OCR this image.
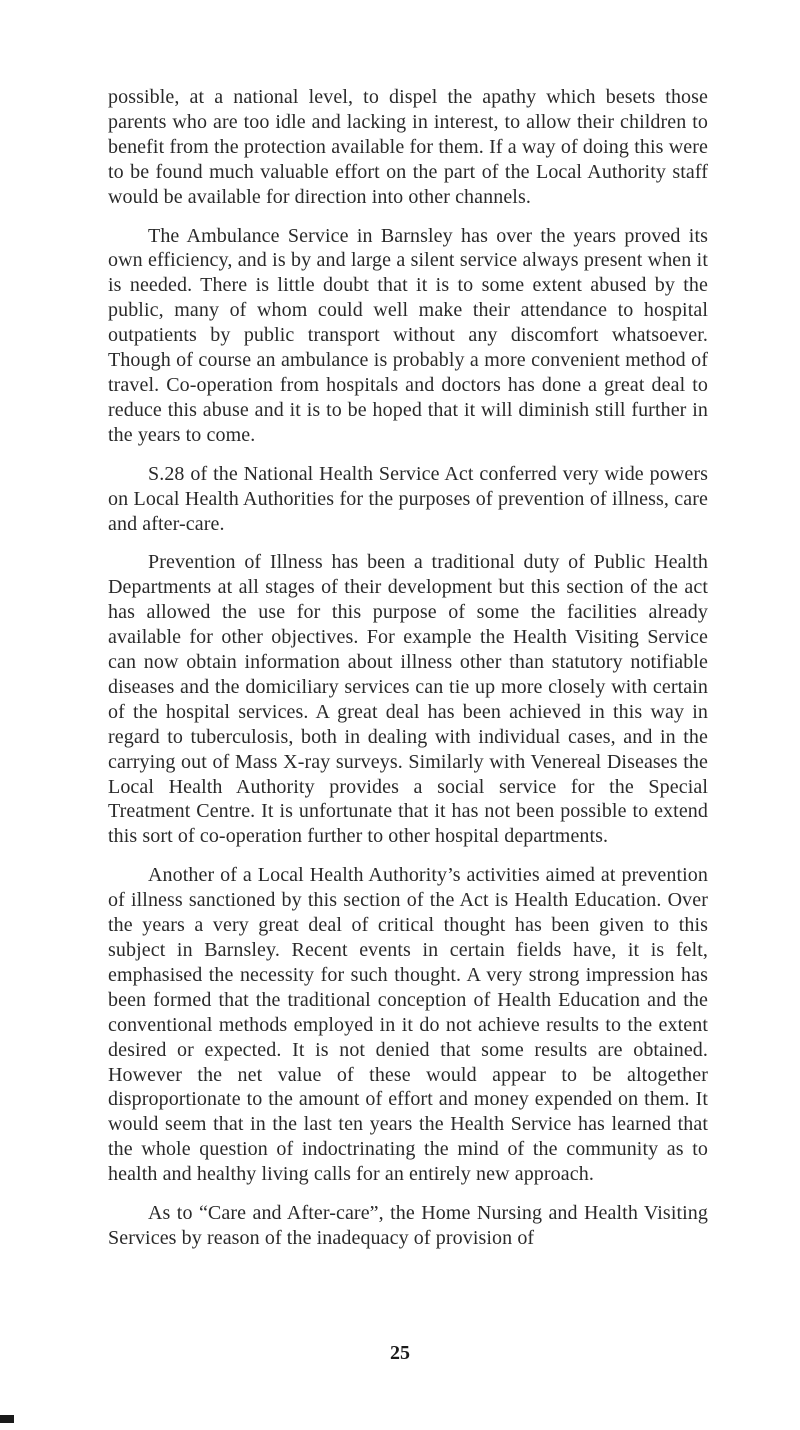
possible, at a national level, to dispel the apathy which besets those parents who are too idle and lacking in interest, to allow their children to benefit from the protection available for them. If a way of doing this were to be found much valuable effort on the part of the Local Authority staff would be available for direction into other channels.

The Ambulance Service in Barnsley has over the years proved its own efficiency, and is by and large a silent service always present when it is needed. There is little doubt that it is to some extent abused by the public, many of whom could well make their attendance to hospital outpatients by public transport without any discomfort whatsoever. Though of course an ambulance is probably a more convenient method of travel. Co-operation from hospitals and doctors has done a great deal to reduce this abuse and it is to be hoped that it will diminish still further in the years to come.

S.28 of the National Health Service Act conferred very wide powers on Local Health Authorities for the purposes of prevention of illness, care and after-care.

Prevention of Illness has been a traditional duty of Public Health Departments at all stages of their development but this section of the act has allowed the use for this purpose of some the facilities already available for other objectives. For example the Health Visiting Service can now obtain information about illness other than statutory notifiable diseases and the domiciliary services can tie up more closely with certain of the hospital services. A great deal has been achieved in this way in regard to tuberculosis, both in dealing with individual cases, and in the carrying out of Mass X-ray surveys. Similarly with Venereal Diseases the Local Health Authority provides a social service for the Special Treatment Centre. It is unfortunate that it has not been possible to extend this sort of co-operation further to other hospital departments.

Another of a Local Health Authority’s activities aimed at prevention of illness sanctioned by this section of the Act is Health Education. Over the years a very great deal of critical thought has been given to this subject in Barnsley. Recent events in certain fields have, it is felt, emphasised the necessity for such thought. A very strong impression has been formed that the traditional conception of Health Education and the conventional methods employed in it do not achieve results to the extent desired or expected. It is not denied that some results are obtained. However the net value of these would appear to be altogether disproportionate to the amount of effort and money expended on them. It would seem that in the last ten years the Health Service has learned that the whole question of indoctrinating the mind of the community as to health and healthy living calls for an entirely new approach.

As to “Care and After-care”, the Home Nursing and Health Visiting Services by reason of the inadequacy of provision of

25
